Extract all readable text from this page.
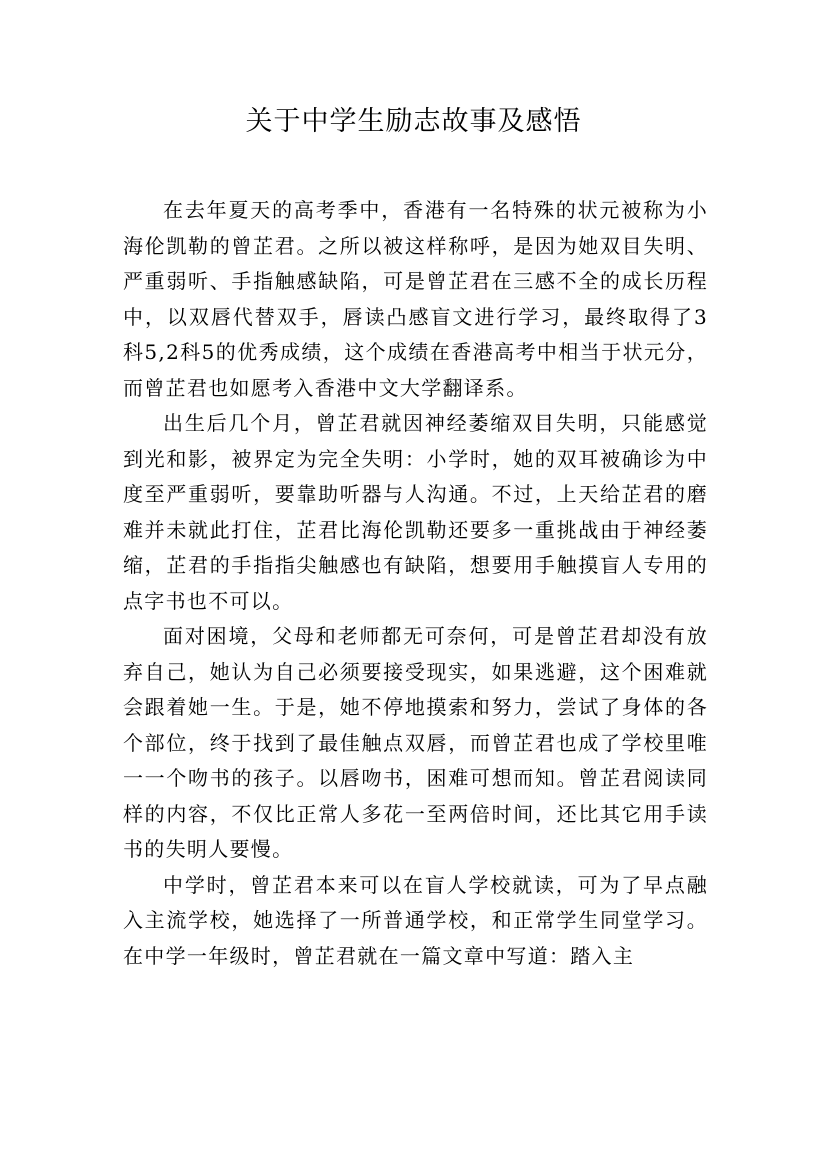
关于中学生励志故事及感悟

在去年夏天的高考季中，香港有一名特殊的状元被称为小海伦凯勒的曾芷君。之所以被这样称呼，是因为她双目失明、严重弱听、手指触感缺陷，可是曾芷君在三感不全的成长历程中，以双唇代替双手，唇读凸感盲文进行学习，最终取得了3科5,2科5的优秀成绩，这个成绩在香港高考中相当于状元分，而曾芷君也如愿考入香港中文大学翻译系。

出生后几个月，曾芷君就因神经萎缩双目失明，只能感觉到光和影，被界定为完全失明：小学时，她的双耳被确诊为中度至严重弱听，要靠助听器与人沟通。不过，上天给芷君的磨难并未就此打住，芷君比海伦凯勒还要多一重挑战由于神经萎缩，芷君的手指指尖触感也有缺陷，想要用手触摸盲人专用的点字书也不可以。

面对困境，父母和老师都无可奈何，可是曾芷君却没有放弃自己，她认为自己必须要接受现实，如果逃避，这个困难就会跟着她一生。于是，她不停地摸索和努力，尝试了身体的各个部位，终于找到了最佳触点双唇，而曾芷君也成了学校里唯一一个吻书的孩子。以唇吻书，困难可想而知。曾芷君阅读同样的内容，不仅比正常人多花一至两倍时间，还比其它用手读书的失明人要慢。

中学时，曾芷君本来可以在盲人学校就读，可为了早点融入主流学校，她选择了一所普通学校，和正常学生同堂学习。在中学一年级时，曾芷君就在一篇文章中写道：踏入主
